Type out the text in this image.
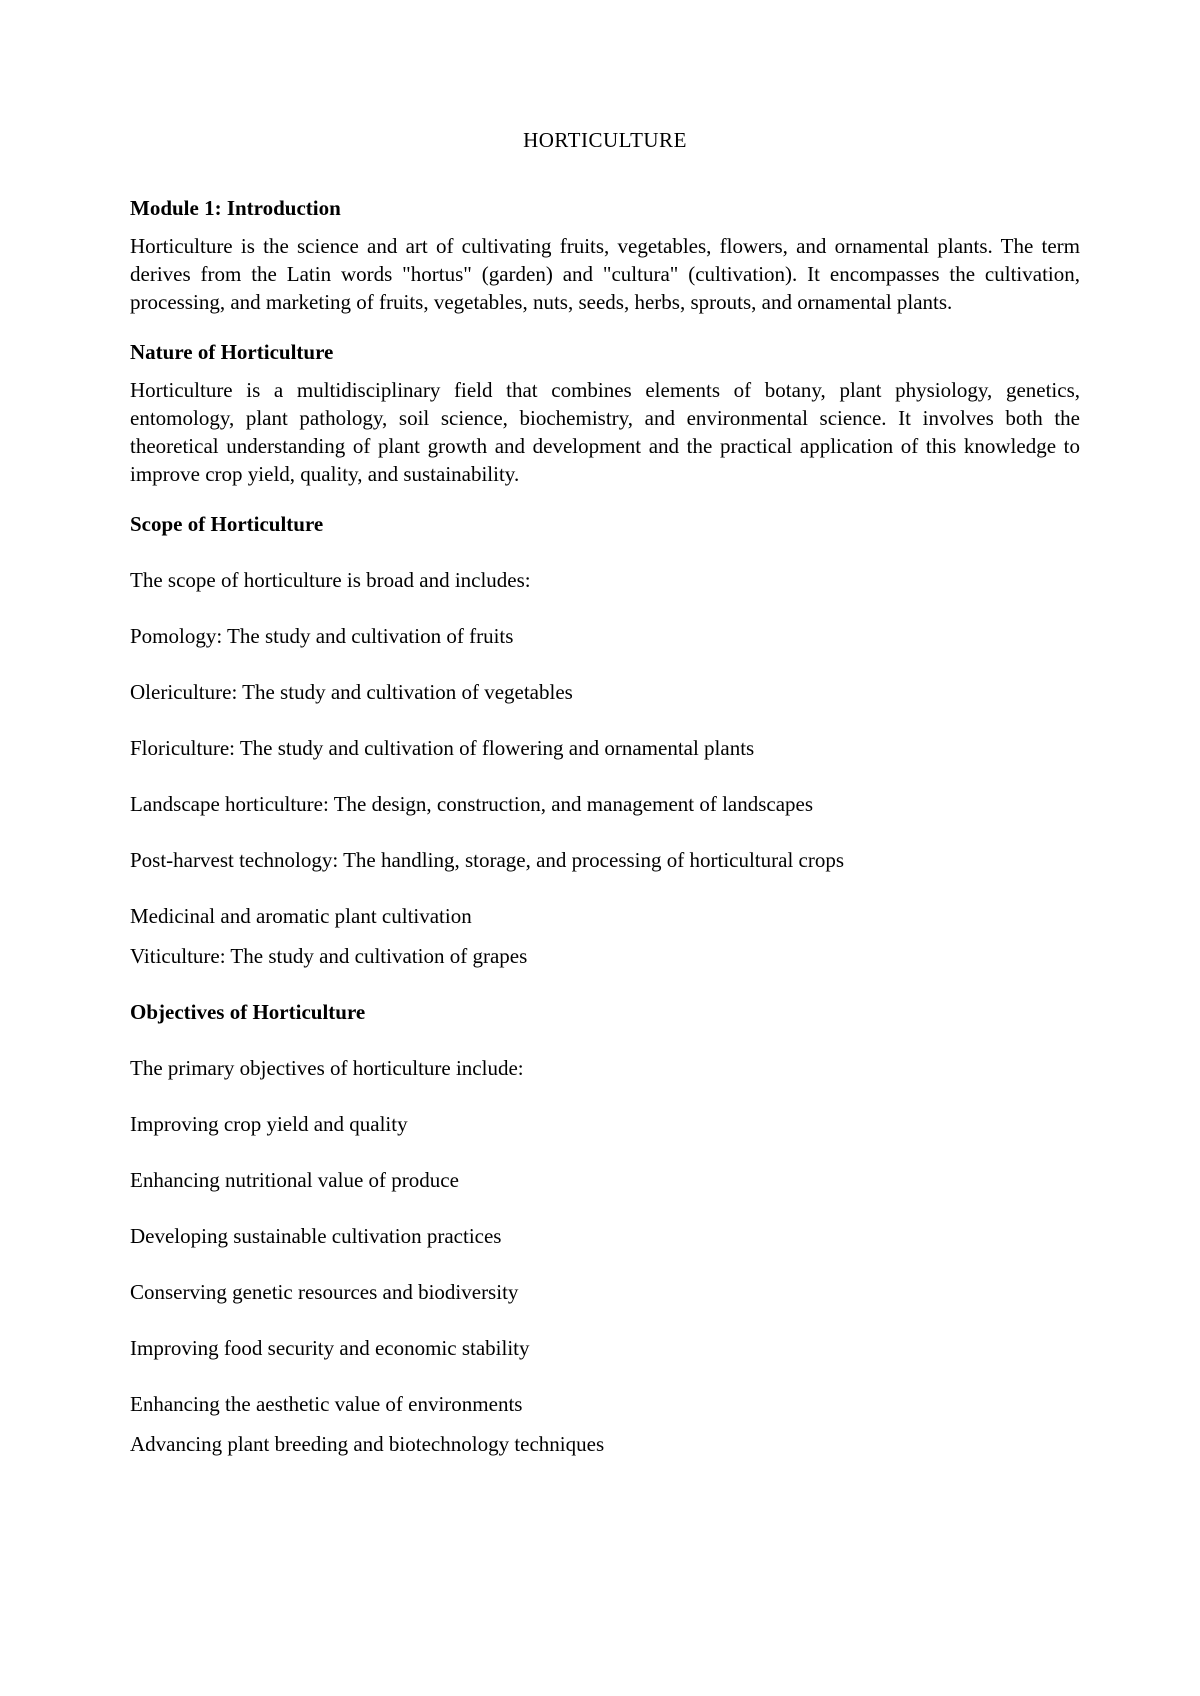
HORTICULTURE
Module 1: Introduction
Horticulture is the science and art of cultivating fruits, vegetables, flowers, and ornamental plants. The term derives from the Latin words "hortus" (garden) and "cultura" (cultivation). It encompasses the cultivation, processing, and marketing of fruits, vegetables, nuts, seeds, herbs, sprouts, and ornamental plants.
Nature of Horticulture
Horticulture is a multidisciplinary field that combines elements of botany, plant physiology, genetics, entomology, plant pathology, soil science, biochemistry, and environmental science. It involves both the theoretical understanding of plant growth and development and the practical application of this knowledge to improve crop yield, quality, and sustainability.
Scope of Horticulture
The scope of horticulture is broad and includes:
Pomology: The study and cultivation of fruits
Olericulture: The study and cultivation of vegetables
Floriculture: The study and cultivation of flowering and ornamental plants
Landscape horticulture: The design, construction, and management of landscapes
Post-harvest technology: The handling, storage, and processing of horticultural crops
Medicinal and aromatic plant cultivation
Viticulture: The study and cultivation of grapes
Objectives of Horticulture
The primary objectives of horticulture include:
Improving crop yield and quality
Enhancing nutritional value of produce
Developing sustainable cultivation practices
Conserving genetic resources and biodiversity
Improving food security and economic stability
Enhancing the aesthetic value of environments
Advancing plant breeding and biotechnology techniques
